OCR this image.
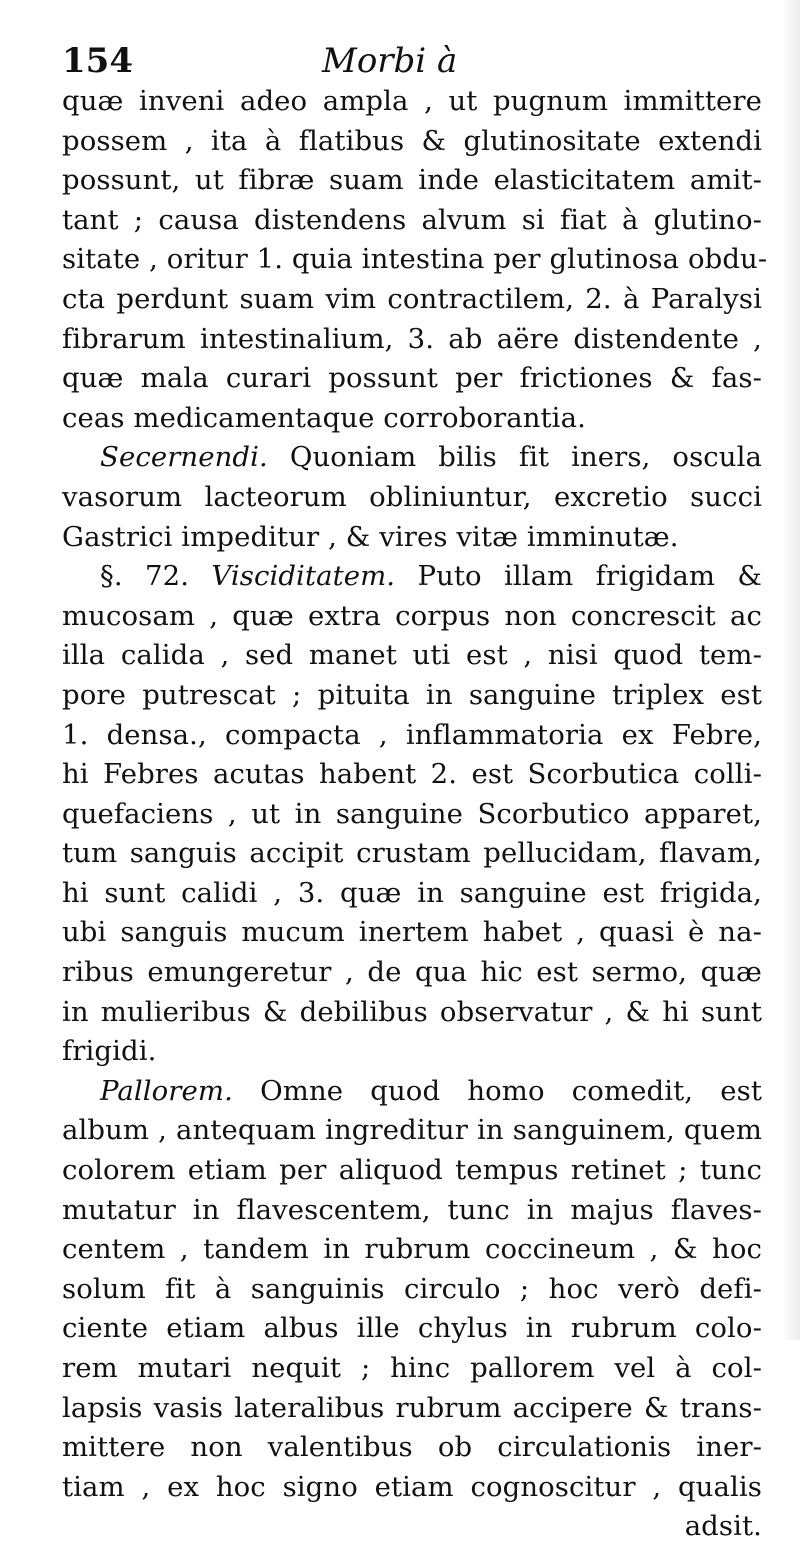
154	Morbi à
quæ inveni adeo ampla , ut pugnum immittere
possem , ita à flatibus & glutinositate extendi
possunt, ut fibræ suam inde elasticitatem amit-
tant ; causa distendens alvum si fiat à glutino-
sitate , oritur 1. quia intestina per glutinosa obdu-
cta perdunt suam vim contractilem, 2. à Paralysi
fibrarum intestinalium, 3. ab aëre distendente ,
quæ mala curari possunt per frictiones & fas-
ceas medicamentaque corroborantia.
Secernendi. Quoniam bilis fit iners, oscula
vasorum lacteorum obliniuntur, excretio succi
Gastrici impeditur , & vires vitæ imminutæ.
§. 72. Visciditatem. Puto illam frigidam &
mucosam , quæ extra corpus non concrescit ac
illa calida , sed manet uti est , nisi quod tem-
pore putrescat ; pituita in sanguine triplex est
1. densa., compacta , inflammatoria ex Febre,
hi Febres acutas habent 2. est Scorbutica colli-
quefaciens , ut in sanguine Scorbutico apparet,
tum sanguis accipit crustam pellucidam, flavam,
hi sunt calidi , 3. quæ in sanguine est frigida,
ubi sanguis mucum inertem habet , quasi è na-
ribus emungeretur , de qua hic est sermo, quæ
in mulieribus & debilibus observatur , & hi sunt
frigidi.
Pallorem. Omne quod homo comedit, est
album , antequam ingreditur in sanguinem, quem
colorem etiam per aliquod tempus retinet ; tunc
mutatur in flavescentem, tunc in majus flaves-
centem , tandem in rubrum coccineum , & hoc
solum fit à sanguinis circulo ; hoc verò defi-
ciente etiam albus ille chylus in rubrum colo-
rem mutari nequit ; hinc pallorem vel à col-
lapsis vasis lateralibus rubrum accipere & trans-
mittere non valentibus ob circulationis iner-
tiam , ex hoc signo etiam cognoscitur , qualis
adsit.
